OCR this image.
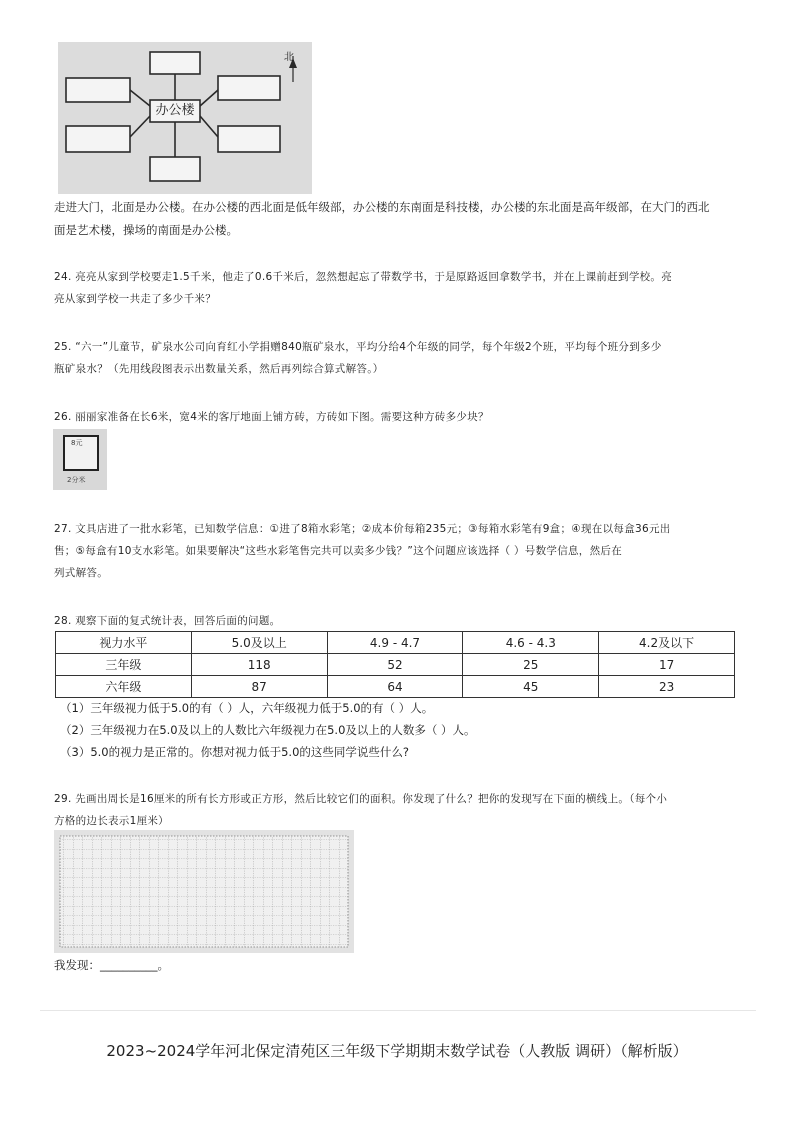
办公楼
北
走进大门，北面是办公楼。在办公楼的西北面是低年级部，办公楼的东南面是科技楼，办公楼的东北面是高年级部，在大门的西北
面是艺术楼，操场的南面是办公楼。
24. 亮亮从家到学校要走1.5千米，他走了0.6千米后，忽然想起忘了带数学书，于是原路返回拿数学书，并在上课前赶到学校。亮
亮从家到学校一共走了多少千米？
25. “六一”儿童节，矿泉水公司向育红小学捐赠840瓶矿泉水，平均分给4个年级的同学，每个年级2个班，平均每个班分到多少
瓶矿泉水？（先用线段图表示出数量关系，然后再列综合算式解答。）
26. 丽丽家准备在长6米，宽4米的客厅地面上铺方砖，方砖如下图。需要这种方砖多少块？
8元
2分米
27. 文具店进了一批水彩笔，已知数学信息：①进了8箱水彩笔；②成本价每箱235元；③每箱水彩笔有9盒；④现在以每盒36元出
售；⑤每盒有10支水彩笔。如果要解决“这些水彩笔售完共可以卖多少钱？”这个问题应该选择（ ）号数学信息，然后在
列式解答。
28. 观察下面的复式统计表，回答后面的问题。
视力水平	5.0及以上	4.9 - 4.7	4.6 - 4.3	4.2及以下
三年级	118	52	25	17
六年级	87	64	45	23
（1）三年级视力低于5.0的有（ ）人，六年级视力低于5.0的有（ ）人。
（2）三年级视力在5.0及以上的人数比六年级视力在5.0及以上的人数多（ ）人。
（3）5.0的视力是正常的。你想对视力低于5.0的这些同学说些什么?
29. 先画出周长是16厘米的所有长方形或正方形，然后比较它们的面积。你发现了什么？把你的发现写在下面的横线上。（每个小
方格的边长表示1厘米）
我发现：__________。
2023~2024学年河北保定清苑区三年级下学期期末数学试卷（人教版 调研）（解析版）
